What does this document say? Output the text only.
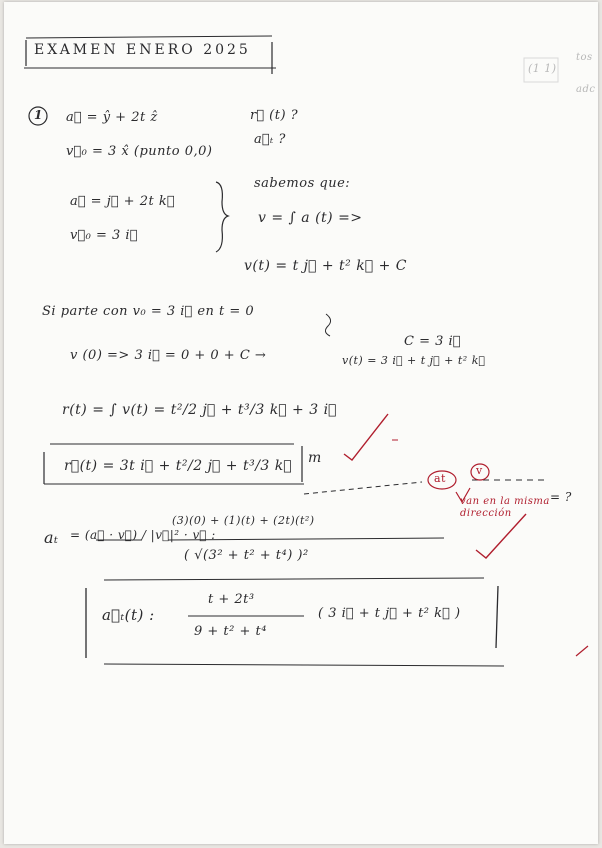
EXAMEN ENERO 2025
1 a⃗ = ŷ + 2t ẑ
v⃗₀ = 3 x̂ (punto 0,0)
r⃗ (t) ?
a⃗ₜ ?
a⃗ = j⃗ + 2t k⃗
v⃗₀ = 3 i⃗
sabemos que:
v = ∫ a (t) =>
v(t) = t j⃗ + t² k⃗ + C
Si parte con v₀ = 3 i⃗ en t = 0
v (0) => 3 i⃗ = 0 + 0 + C →
C = 3 i⃗
v(t) = 3 i⃗ + t j⃗ + t² k⃗
r(t) = ∫ v(t) = t²/2 j⃗ + t³/3 k⃗ + 3 i⃗
r⃗(t) = 3t i⃗ + t²/2 j⃗ + t³/3 k⃗ m
at
v
van en la misma dirección
= ?
aₜ = (a⃗ · v⃗) / |v⃗|² · v⃗ :
(3)(0) + (1)(t) + (2t)(t²)
( √(3² + t² + t⁴) )²
a⃗ₜ(t) :
t + 2t³
9 + t² + t⁴
( 3 i⃗ + t j⃗ + t² k⃗ )
(1 1)
tos    adc
